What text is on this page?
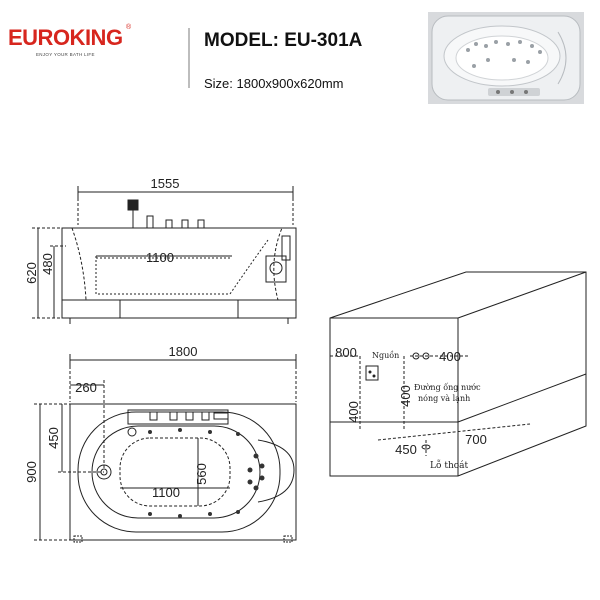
EUROKING ®
ENJOY YOUR BATH LIFE
MODEL: EU-301A
Size: 1800x900x620mm
1555
1100
620 480
1800
260
1100
560
450
900
800 Nguồn	400
Đường ống nước
nóng và lạnh
400
400
450
700
Lỗ thoát
